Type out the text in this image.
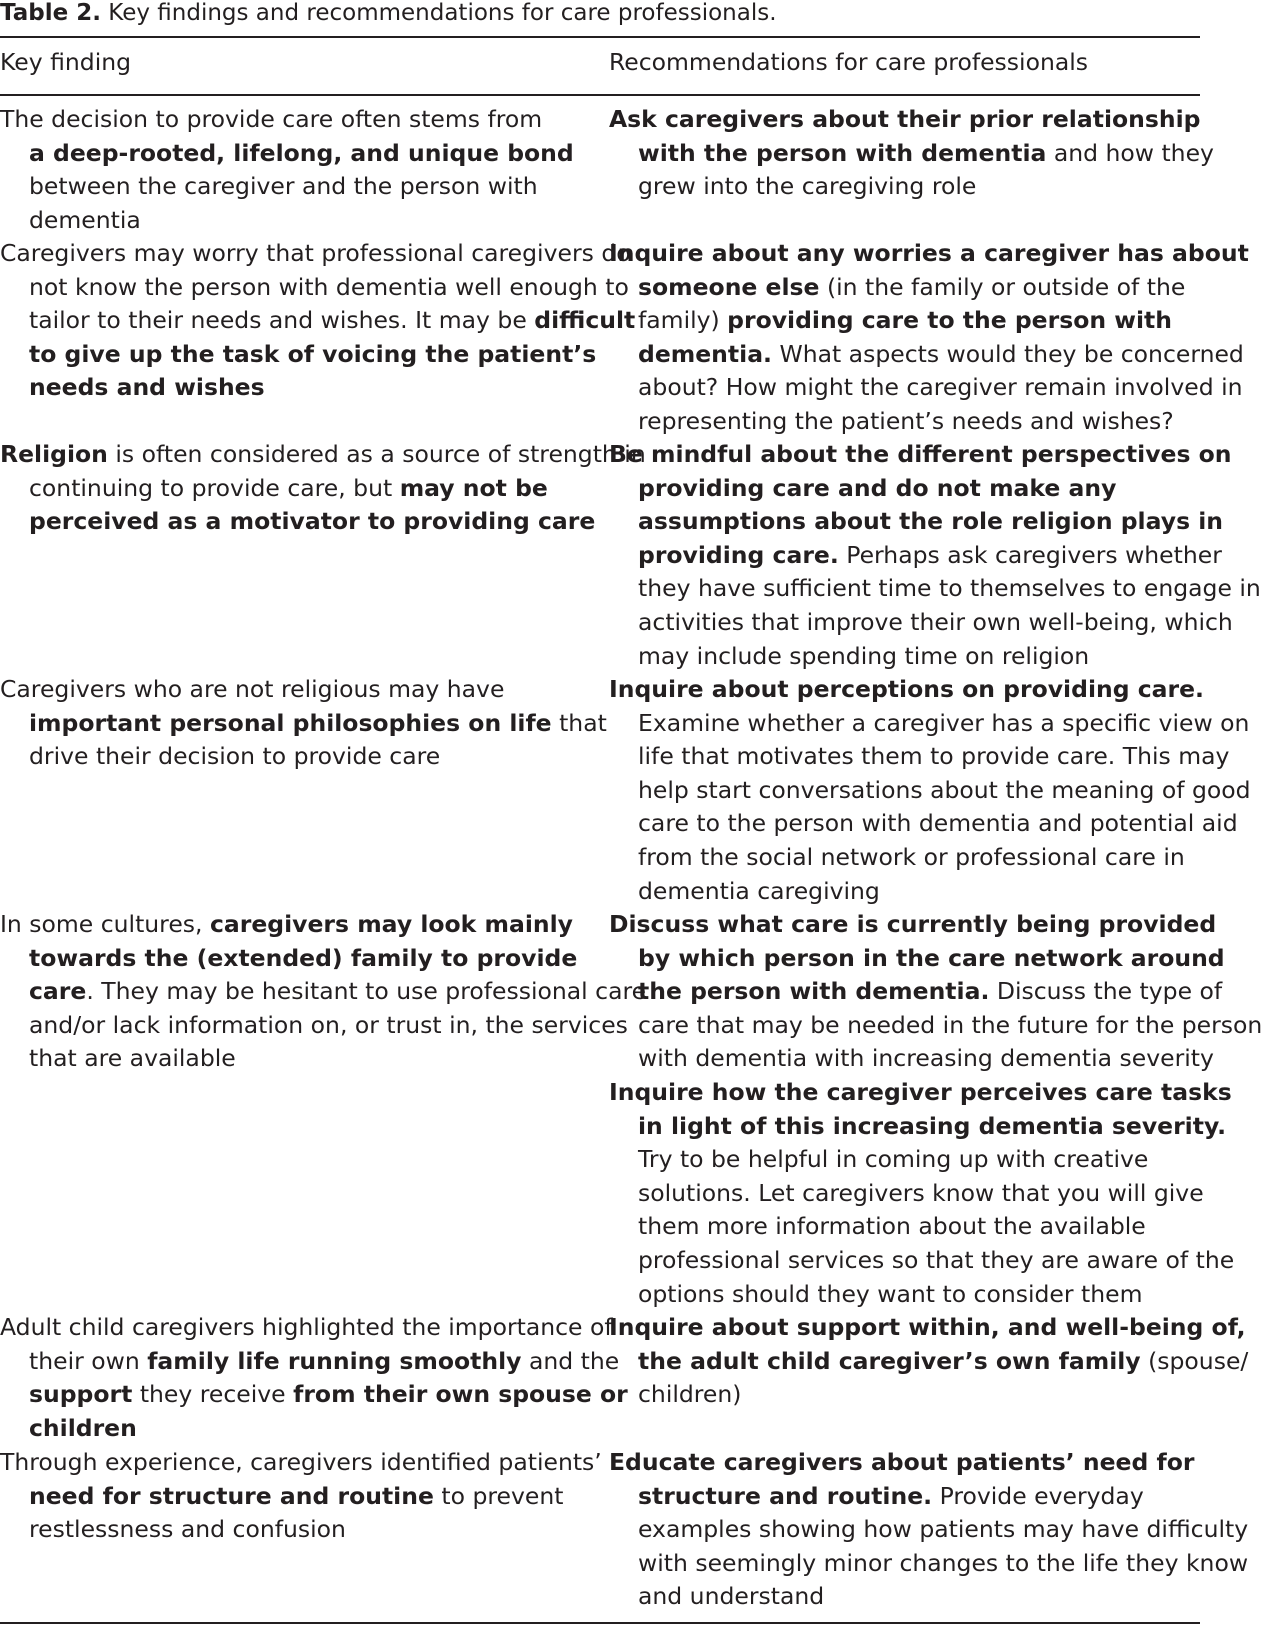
Table 2. Key findings and recommendations for care professionals.
Key finding	Recommendations for care professionals
The decision to provide care often stems from
a deep-rooted, lifelong, and unique bond
between the caregiver and the person with
dementia
Ask caregivers about their prior relationship
with the person with dementia and how they
grew into the caregiving role
Caregivers may worry that professional caregivers do
not know the person with dementia well enough to
tailor to their needs and wishes. It may be difficult
to give up the task of voicing the patient’s
needs and wishes
Inquire about any worries a caregiver has about
someone else (in the family or outside of the
family) providing care to the person with
dementia. What aspects would they be concerned
about? How might the caregiver remain involved in
representing the patient’s needs and wishes?
Religion is often considered as a source of strength in
continuing to provide care, but may not be
perceived as a motivator to providing care
Be mindful about the different perspectives on
providing care and do not make any
assumptions about the role religion plays in
providing care. Perhaps ask caregivers whether
they have sufficient time to themselves to engage in
activities that improve their own well-being, which
may include spending time on religion
Caregivers who are not religious may have
important personal philosophies on life that
drive their decision to provide care
Inquire about perceptions on providing care.
Examine whether a caregiver has a specific view on
life that motivates them to provide care. This may
help start conversations about the meaning of good
care to the person with dementia and potential aid
from the social network or professional care in
dementia caregiving
In some cultures, caregivers may look mainly
towards the (extended) family to provide
care. They may be hesitant to use professional care
and/or lack information on, or trust in, the services
that are available
Discuss what care is currently being provided
by which person in the care network around
the person with dementia. Discuss the type of
care that may be needed in the future for the person
with dementia with increasing dementia severity
Inquire how the caregiver perceives care tasks
in light of this increasing dementia severity.
Try to be helpful in coming up with creative
solutions. Let caregivers know that you will give
them more information about the available
professional services so that they are aware of the
options should they want to consider them
Adult child caregivers highlighted the importance of
their own family life running smoothly and the
support they receive from their own spouse or
children
Inquire about support within, and well-being of,
the adult child caregiver’s own family (spouse/
children)
Through experience, caregivers identified patients’
need for structure and routine to prevent
restlessness and confusion
Educate caregivers about patients’ need for
structure and routine. Provide everyday
examples showing how patients may have difficulty
with seemingly minor changes to the life they know
and understand
